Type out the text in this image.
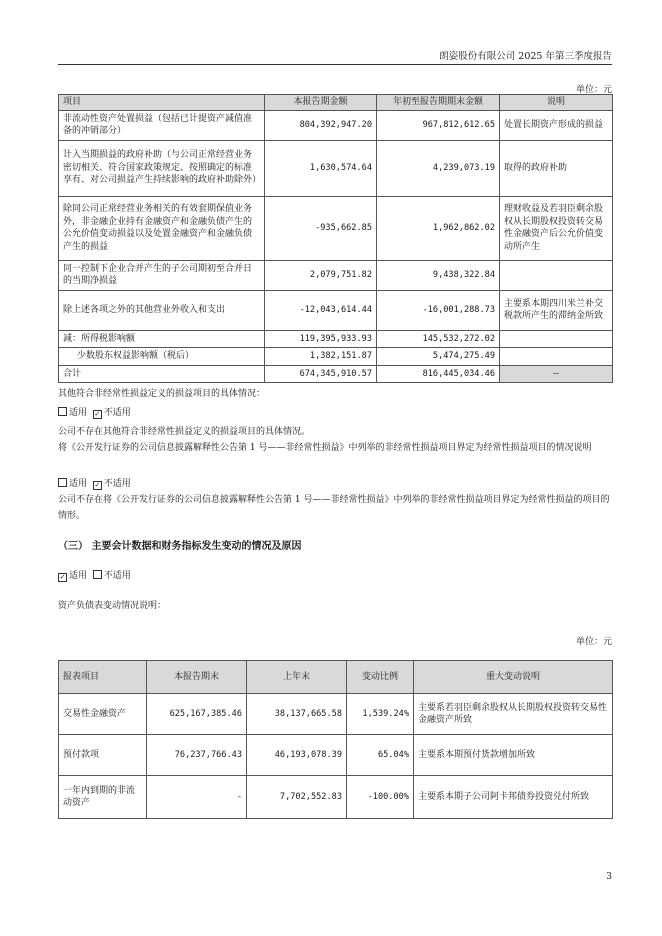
朗姿股份有限公司 2025 年第三季度报告
单位：元
项目	本报告期金额	年初至报告期期末金额	说明
非流动性资产处置损益（包括已计提资产减值准备的冲销部分）	804,392,947.20	967,812,612.65	处置长期资产形成的损益
计入当期损益的政府补助（与公司正常经营业务密切相关、符合国家政策规定、按照确定的标准享有、对公司损益产生持续影响的政府补助除外）	1,630,574.64	4,239,073.19	取得的政府补助
除同公司正常经营业务相关的有效套期保值业务外，非金融企业持有金融资产和金融负债产生的公允价值变动损益以及处置金融资产和金融负债产生的损益	-935,662.85	1,962,862.02	理财收益及若羽臣剩余股权从长期股权投资转交易性金融资产后公允价值变动所产生
同一控制下企业合并产生的子公司期初至合并日的当期净损益	2,079,751.82	9,438,322.84	
除上述各项之外的其他营业外收入和支出	-12,043,614.44	-16,001,288.73	主要系本期四川米兰补交税款所产生的滞纳金所致
减：所得税影响额	119,395,933.93	145,532,272.02	
少数股东权益影响额（税后）	1,382,151.87	5,474,275.49	
合计	674,345,910.57	816,445,034.46	--
其他符合非经常性损益定义的损益项目的具体情况：
适用 ✓ 不适用
公司不存在其他符合非经常性损益定义的损益项目的具体情况。
将《公开发行证券的公司信息披露解释性公告第 1 号——非经常性损益》中列举的非经常性损益项目界定为经常性损益项目的情况说明
适用 ✓ 不适用
公司不存在将《公开发行证券的公司信息披露解释性公告第 1 号——非经常性损益》中列举的非经常性损益项目界定为经常性损益的项目的情形。
（三） 主要会计数据和财务指标发生变动的情况及原因
✓ 适用 不适用
资产负债表变动情况说明：
单位：元
报表项目	本报告期末	上年末	变动比例	重大变动说明
交易性金融资产	625,167,385.46	38,137,665.58	1,539.24%	主要系若羽臣剩余股权从长期股权投资转交易性金融资产所致
预付款项	76,237,766.43	46,193,078.39	65.04%	主要系本期预付货款增加所致
一年内到期的非流动资产	-	7,702,552.83	-100.00%	主要系本期子公司阿卡邦债券投资兑付所致
3
